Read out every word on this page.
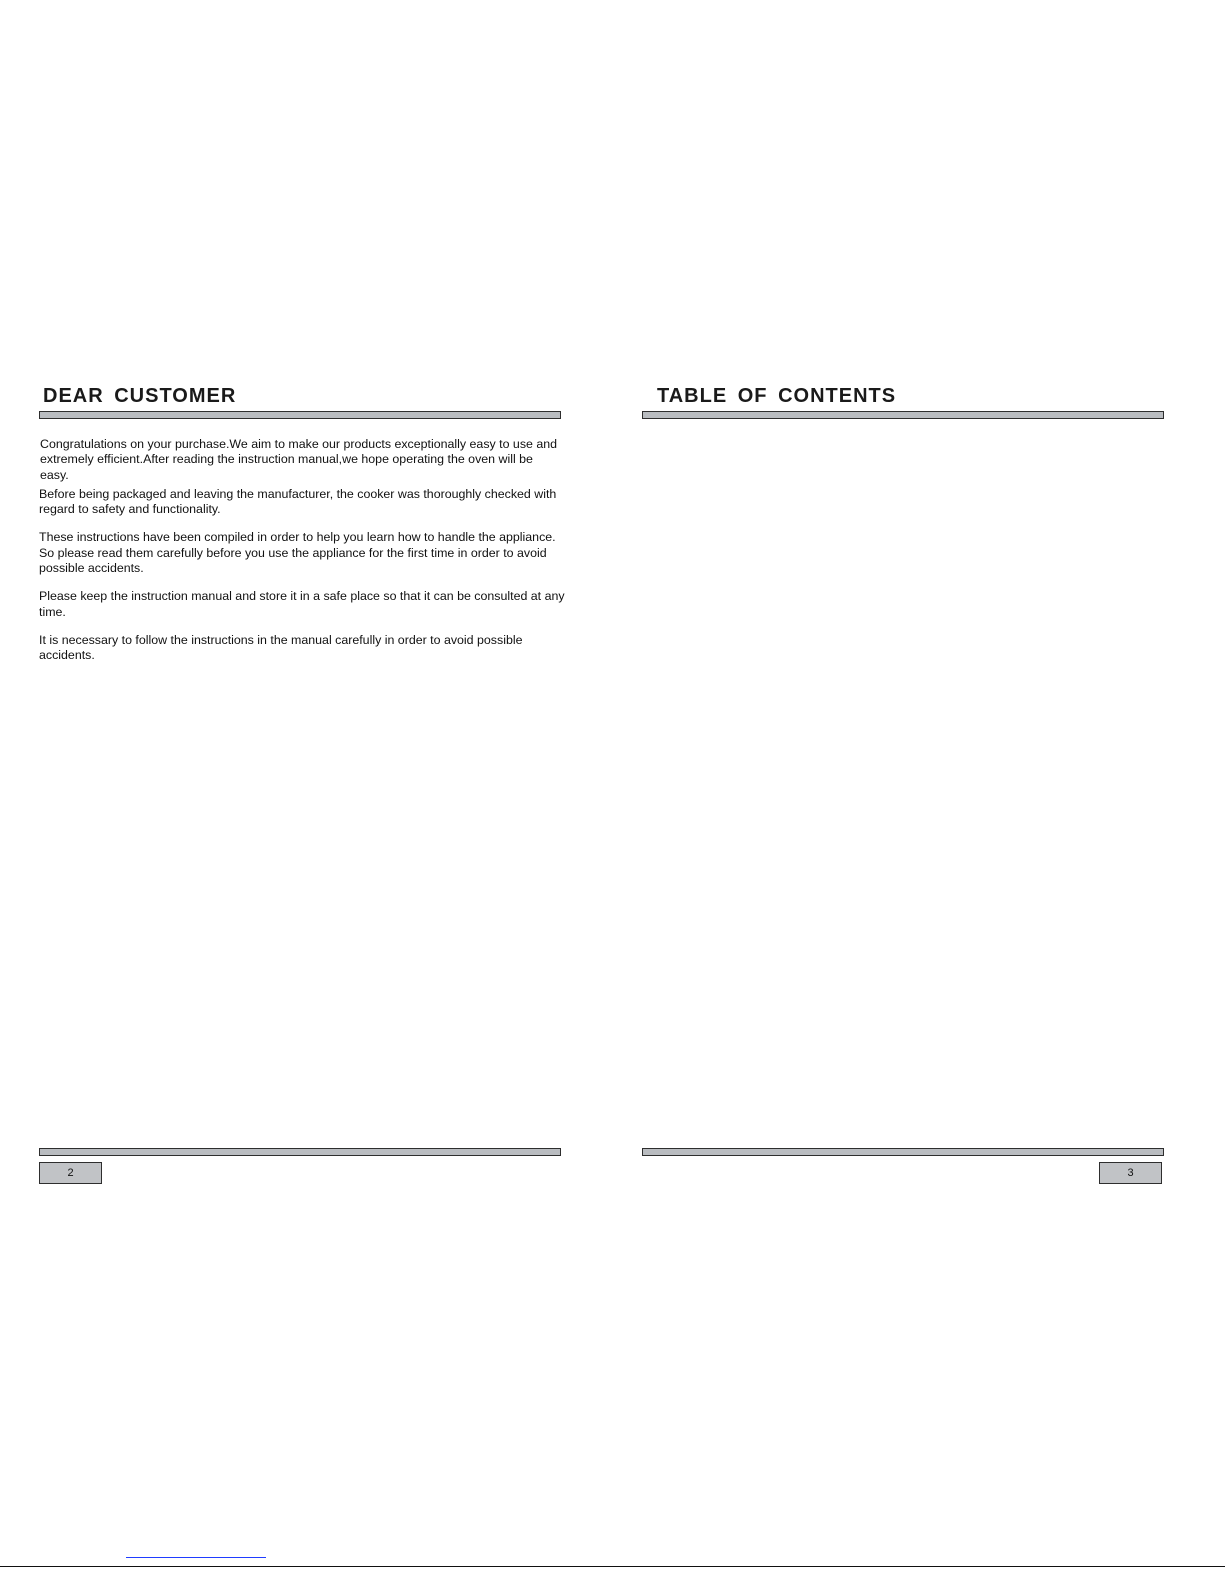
DEAR CUSTOMER

Congratulations on your purchase.We aim to make our products exceptionally easy to use and extremely efficient.After reading the instruction manual,we hope operating the oven will be easy.

Before being packaged and leaving the manufacturer, the cooker was thoroughly checked with regard to safety and functionality.

These instructions have been compiled in order to help you learn how to handle the appliance. So please read them carefully before you use the appliance for the first time in order to avoid possible accidents.

Please keep the instruction manual and store it in a safe place so that it can be consulted at any time.

It is necessary to follow the instructions in the manual carefully in order to avoid possible accidents.

2
TABLE OF CONTENTS
3
